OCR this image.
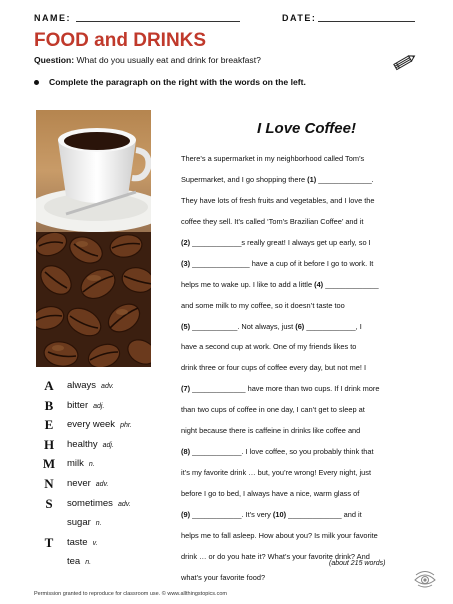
NAME:	DATE:
FOOD and DRINKS
Question: What do you usually eat and drink for breakfast?
Complete the paragraph on the right with the words on the left.
I Love Coffee!
There’s a supermarket in my neighborhood called Tom’s
Supermarket, and I go shopping there (1) _____________.
They have lots of fresh fruits and vegetables, and I love the
coffee they sell. It’s called ‘Tom’s Brazilian Coffee’ and it
(2) ____________s really great! I always get up early, so I
(3) ______________ have a cup of it before I go to work. It
helps me to wake up. I like to add a little (4) _____________
and some milk to my coffee, so it doesn’t taste too
(5) ___________. Not always, just (6) ____________, I
have a second cup at work. One of my friends likes to
drink three or four cups of coffee every day, but not me! I
(7) _____________ have more than two cups. If I drink more
than two cups of coffee in one day, I can’t get to sleep at
night because there is caffeine in drinks like coffee and
(8) ____________. I love coffee, so you probably think that
it’s my favorite drink … but, you’re wrong! Every night, just
before I go to bed, I always have a nice, warm glass of
(9) ____________. It’s very (10) _____________ and it
helps me to fall asleep. How about you? Is milk your favorite
drink … or do you hate it? What’s your favorite drink? And
what’s your favorite food?
(about 215 words)
A
B
E
H
M
N
S
T
always adv.
bitter adj.
every week phr.
healthy adj.
milk n.
never adv.
sometimes adv.
sugar n.
taste v.
tea n.
Permission granted to reproduce for classroom use. © www.allthingstopics.com
